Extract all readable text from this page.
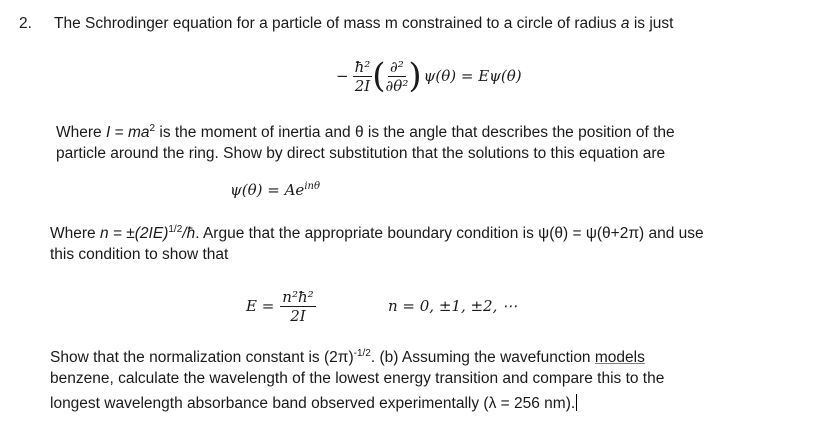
2. The Schrodinger equation for a particle of mass m constrained to a circle of radius a is just
− $\frac{\text{ħ²}}{2I}$ ( $\frac{\text{∂²}}{\text{∂θ²}}$ ) ψ(θ) = Eψ(θ)
Where $I = ma^2$ is the moment of inertia and θ is the angle that describes the position of the
particle around the ring. Show by direct substitution that the solutions to this equation are
$\psi(\theta) = Ae^{in\theta}$
Where $n = \pm(2IE)^{1/2}/ħ$. Argue that the appropriate boundary condition is ψ(θ) = ψ(θ+2π) and use
this condition to show that
$E = \frac{\text{n²ħ²}}{2I}$	n = 0, ±1, ±2, ⋯
Show that the normalization constant is $(2\pi)^{-1/2}$. (b) Assuming the wavefunction models
benzene, calculate the wavelength of the lowest energy transition and compare this to the
longest wavelength absorbance band observed experimentally (λ = 256 nm).
